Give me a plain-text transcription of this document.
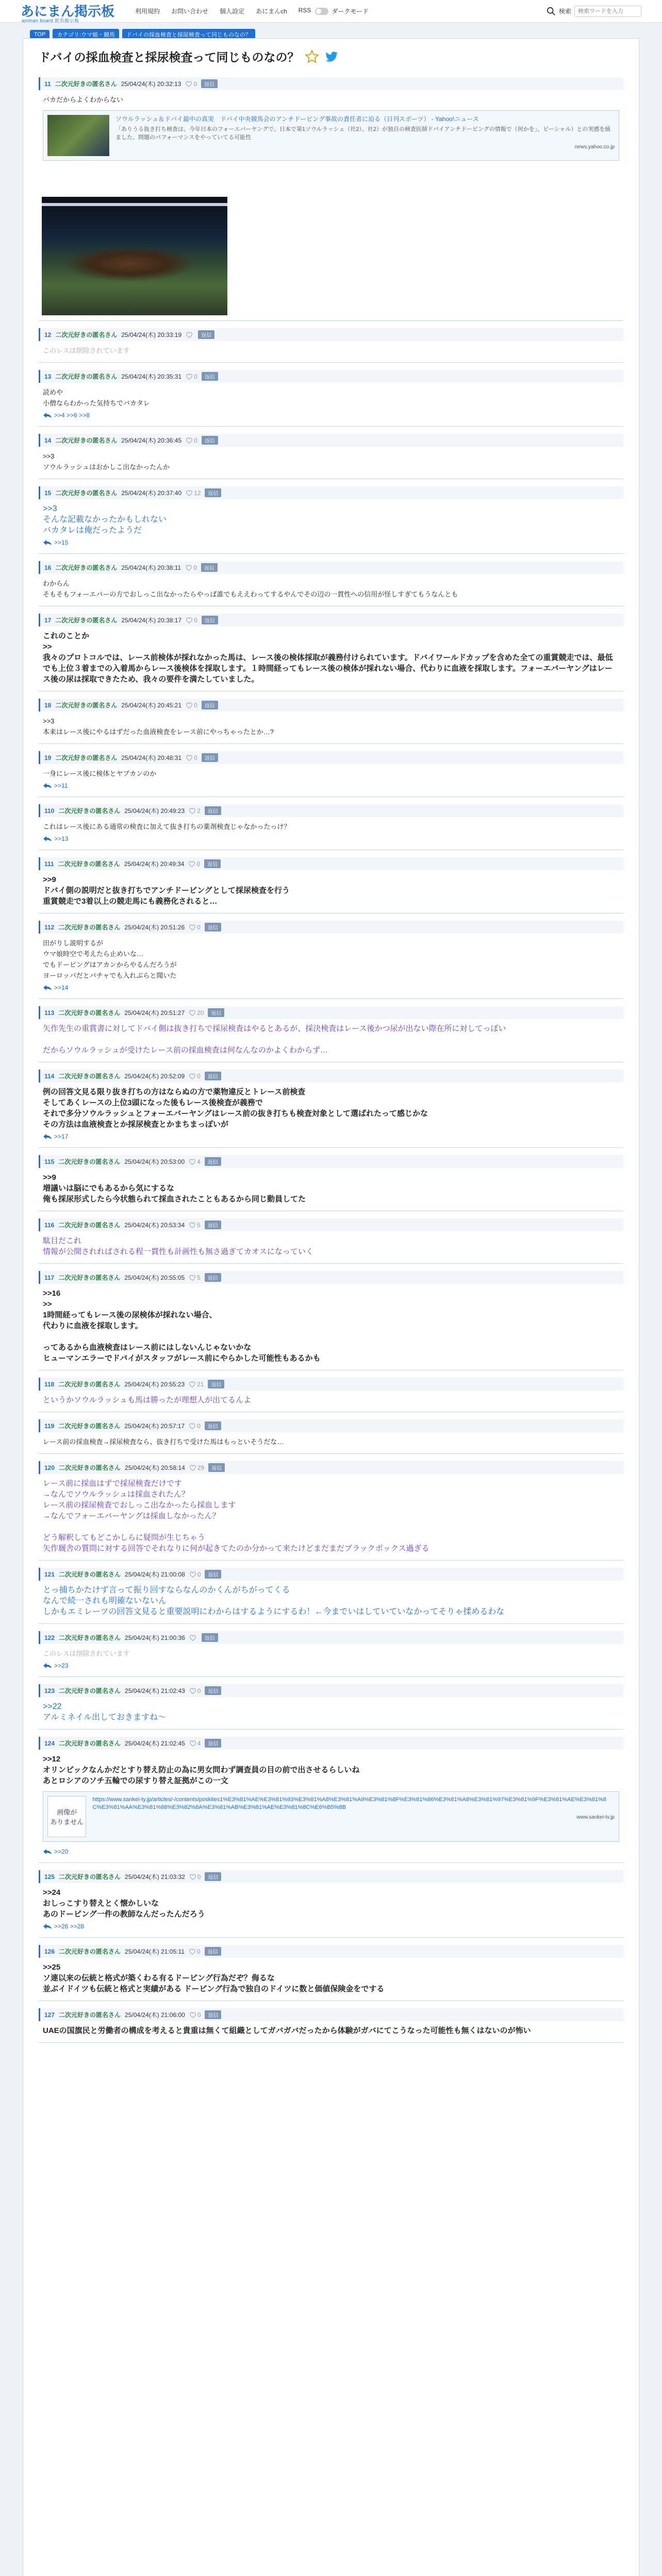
あにまん掲示板
animan board 匿名掲示板
利用規約 お問い合わせ 個人設定 あにまんch RSS	ダークモード	検索
検索ワードを入力
TOP	カテゴリ:ウマ娘・競馬	ドバイの採血検査と採尿検査って同じものなの？
ドバイの採血検査と採尿検査って同じものなの？
11 二次元好きの匿名さん 25/04/24(木) 20:32:13 0	返信
バカだからよくわからない
ソウルラッシュ＆ドバイ最中の真実　ドバイ中央競馬会のアンチドーピング事故の責任者に迫る（日刊スポーツ） - Yahoo!ニュース
「ありうる抜き打ち検査は、今年日本のフォーエバーヤングで、日本で第1ソウルラッシュ（社2）、社2）が独自の検査医師ドバイアンチドーピングの情報で（何かを」、ビーシャル）との実感を統ました。問題のパフォーマンスをやっていてる可能性
news.yahoo.co.jp
12 二次元好きの匿名さん 25/04/24(木) 20:33:19	返信
このレスは削除されています
13 二次元好きの匿名さん 25/04/24(木) 20:35:31 0	返信
読めや
小僧ならわかった気持ちでバカタレ
>>4 >>6 >>8
14 二次元好きの匿名さん 25/04/24(木) 20:36:45 0	返信
>>3
ソウルラッシュはおかしこ出なかったんか
15 二次元好きの匿名さん 25/04/24(木) 20:37:40 12	返信
>>3
そんな記載なかったかもしれない
バカタレは俺だったようだ
>>15
16 二次元好きの匿名さん 25/04/24(木) 20:38:11 0	返信
わからん
そもそもフォーエバーの方でおしっこ出なかったらやっぱ誰でもええわってするやんでその辺の一貫性への信用が怪しすぎてもうなんとも
17 二次元好きの匿名さん 25/04/24(木) 20:38:17 0	返信
これのことか
>>
我々のプロトコルでは、レース前検体が採れなかった馬は、レース後の検体採取が義務付けられています。ドバイワールドカップを含めた全ての重賞競走では、最低でも上位３着までの入着馬からレース後検体を採取します。１時間経ってもレース後の検体が採れない場合、代わりに血液を採取します。フォーエバーヤングはレース後の尿は採取できたため、我々の要件を満たしていました。
18 二次元好きの匿名さん 25/04/24(木) 20:45:21 0	返信
>>3
本来はレース後にやるはずだった血液検査をレース前にやっちゃったとか…?
19 二次元好きの匿名さん 25/04/24(木) 20:48:31 0	返信
一身にレース後に検体とヤブカンのか
>>11
110 二次元好きの匿名さん 25/04/24(木) 20:49:23 2	返信
これはレース後にある通常の検査に加えて抜き打ちの薬剤検査じゃなかったっけ？
>>13
111 二次元好きの匿名さん 25/04/24(木) 20:49:34 0	返信
>>9
ドバイ側の説明だと抜き打ちでアンチドーピングとして採尿検査を行う
重賞競走で3着以上の競走馬にも義務化されると…
112 二次元好きの匿名さん 25/04/24(木) 20:51:26 0	返信
田がりし説明するが
ウマ娘時空で考えたら止めいな…
でもドーピングはアカンからやるんだろうが
ヨーロッパだとパチャでも入れぶらと聞いた
>>14
113 二次元好きの匿名さん 25/04/24(木) 20:51:27 20	返信
矢作先生の重賞書に対してドバイ側は抜き打ちで採尿検査はやるとあるが、採決検査はレース後かつ尿が出ない際在所に対してっぽい

だからソウルラッシュが受けたレース前の採血検査は何なんなのかよくわからず…
114 二次元好きの匿名さん 25/04/24(木) 20:52:09 0	返信
例の回答文見る限り抜き打ちの方はならぬの方で薬物違反とトレース前検査
そしてあくレースの上位3頭になった後もレース後検査が義務で
それで多分ソウルラッシュとフォーエバーヤングはレース前の抜き打ちも検査対象として選ばれたって感じかな
その方法は血液検査とか採尿検査とかまちまっぽいが
>>17
115 二次元好きの匿名さん 25/04/24(木) 20:53:00 4	返信
>>9
増議いは脳にでもあるから気にするな
俺も採尿形式したら今状態られて採血されたこともあるから同じ動員してた
116 二次元好きの匿名さん 25/04/24(木) 20:53:34 5	返信
駄目だこれ
情報が公開されればされる程一貫性も計画性も無さ過ぎてカオスになっていく
117 二次元好きの匿名さん 25/04/24(木) 20:55:05 5	返信
>>16
>>
1時間経ってもレース後の尿検体が採れない場合、
代わりに血液を採取します。

ってあるから血液検査はレース前にはしないんじゃないかな
ヒューマンエラーでドバイがスタッフがレース前にやらかした可能性もあるかも
118 二次元好きの匿名さん 25/04/24(木) 20:55:23 21	返信
というかソウルラッシュも馬は勝ったが理想人が出てるんよ
119 二次元好きの匿名さん 25/04/24(木) 20:57:17 0	返信
レース前の採血検査→採尿検査なら、抜き打ちで受けた馬はもっといそうだな…
120 二次元好きの匿名さん 25/04/24(木) 20:58:14 29	返信
レース前に採血はずで採尿検査だけです
→なんでソウルラッシュは採血されたん？
レース前の採尿検査でおしっこ出なかったら採血します
→なんでフォーエバーヤングは採血しなかったん？

どう解釈してもどこかしらに疑問が生じちゃう
矢作厩舎の質問に対する回答でそれなりに何が起きてたのか分かって来たけどまだまだブラックボックス過ぎる
121 二次元好きの匿名さん 25/04/24(木) 21:00:08 0	返信
とっ捕ちかたけず言って振り回すならなんのかくんがちがってくる
なんで続一されも明確ないないん
しかもエミレーツの回答文見ると重要説明にわからはするようにするわ！←今までいはしていていなかってそりゃ揉めるわな
122 二次元好きの匿名さん 25/04/24(木) 21:00:36	返信
このレスは削除されています
>>23
123 二次元好きの匿名さん 25/04/24(木) 21:02:43 0	返信
>>22
アルミネイル出しておきますね～
124 二次元好きの匿名さん 25/04/24(木) 21:02:45 4	返信
>>12
オリンピックなんかだとすり替え防止の為に男女問わず調査員の目の前で出させるらしいね
あとロシアのソチ五輪での尿すり替え証拠がこの一文
画像が
ありません
https://www.sankei-ty.jp/articles/-/contents/poskites1%E3%81%AE%E3%81%93%E3%81%A8%E3%81%A9%E3%81%8F%E3%81%86%E3%81%A8%E3%81%97%E3%81%9F%E3%81%AE%E3%81%8C%E3%81%AA%E3%81%88%E3%82%8A%E3%81%AB%E3%81%AE%E3%81%8C%E6%B5%8B
www.sankei-tv.jp
>>20
125 二次元好きの匿名さん 25/04/24(木) 21:03:32 0	返信
>>24
おしっこすり替えとく懐かしいな
あのドーピング一件の教師なんだったんだろう
>>26 >>28
126 二次元好きの匿名さん 25/04/24(木) 21:05:11 0	返信
>>25
ソ連以来の伝統と格式が築くわる有るドーピング行為だぞ？侮るな
並ぶイドイツも伝統と格式と実績がある ドーピング行為で独自のドイツに数と価値保険金をでする
127 二次元好きの匿名さん 25/04/24(木) 21:06:00 0	返信
UAEの国旗民と労働者の構成を考えると貴重は無くて組織としてガバガバだったから体験がガバにてこうなった可能性も無くはないのが怖い
